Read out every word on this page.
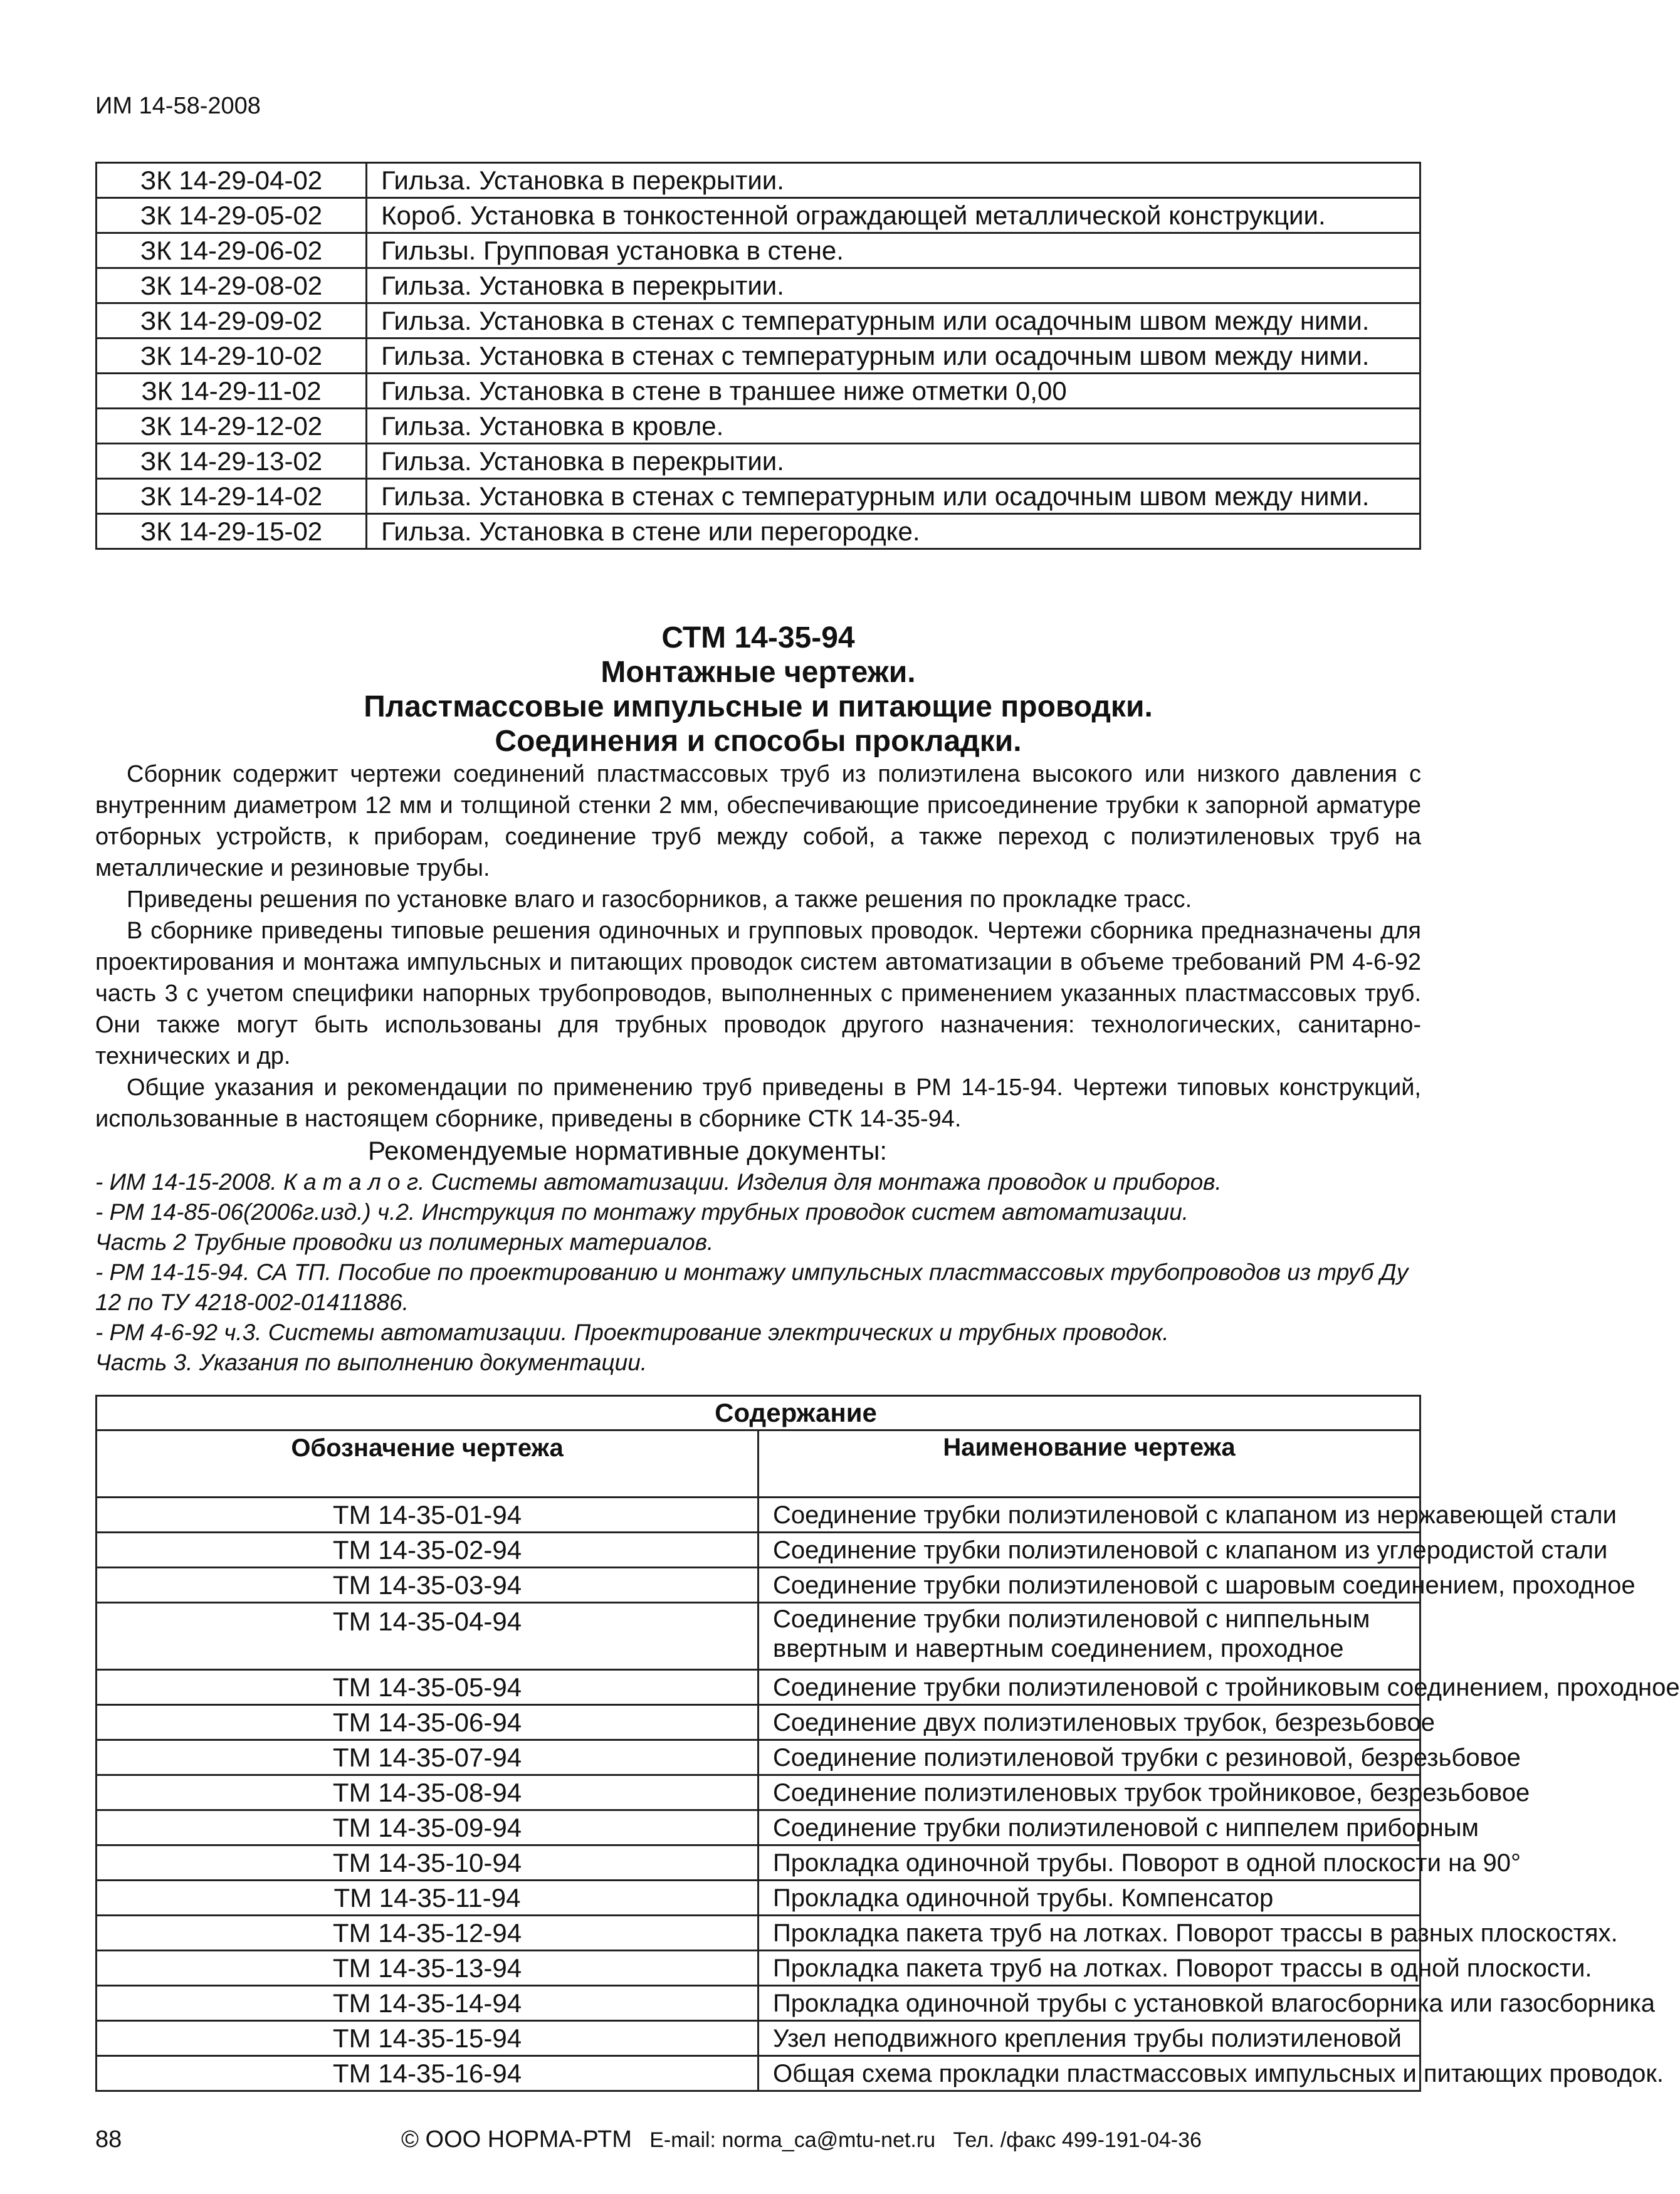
ИМ 14-58-2008
ЗК 14-29-04-02	Гильза. Установка в перекрытии.
ЗК 14-29-05-02	Короб. Установка в тонкостенной ограждающей металлической конструкции.
ЗК 14-29-06-02	Гильзы. Групповая установка в стене.
ЗК 14-29-08-02	Гильза. Установка в перекрытии.
ЗК 14-29-09-02	Гильза. Установка в стенах с температурным или осадочным швом между ними.
ЗК 14-29-10-02	Гильза. Установка в стенах с температурным или осадочным швом между ними.
ЗК 14-29-11-02	Гильза. Установка в стене в траншее ниже отметки 0,00
ЗК 14-29-12-02	Гильза. Установка в кровле.
ЗК 14-29-13-02	Гильза. Установка в перекрытии.
ЗК 14-29-14-02	Гильза. Установка в стенах с температурным или осадочным швом между ними.
ЗК 14-29-15-02	Гильза. Установка в стене или перегородке.
СТМ 14-35-94
Монтажные чертежи.
Пластмассовые импульсные и питающие проводки.
Соединения и способы прокладки.
Сборник содержит чертежи соединений пластмассовых труб из полиэтилена высокого или низкого давления с внутренним диаметром 12 мм и толщиной стенки 2 мм, обеспечивающие присоединение трубки к запорной арматуре отборных устройств, к приборам, соединение труб между собой, а также переход с полиэтиленовых труб на металлические и резиновые трубы.
Приведены решения по установке влаго и газосборников, а также решения по прокладке трасс.
В сборнике приведены типовые решения одиночных и групповых проводок. Чертежи сборника предназначены для проектирования и монтажа импульсных и питающих проводок систем автоматизации в объеме требований РМ 4-6-92 часть 3 с учетом специфики напорных трубопроводов, выполненных с применением указанных пластмассовых труб. Они также могут быть использованы для трубных проводок другого назначения: технологических, санитарно-технических и др.
Общие указания и рекомендации по применению труб приведены в РМ 14-15-94. Чертежи типовых конструкций, использованные в настоящем сборнике, приведены в сборнике СТК 14-35-94.
Рекомендуемые нормативные документы:
- ИМ 14-15-2008. К а т а л о г. Системы автоматизации. Изделия для монтажа проводок и приборов.
- РМ 14-85-06(2006г.изд.) ч.2. Инструкция по монтажу трубных проводок систем автоматизации.
Часть 2 Трубные проводки из полимерных материалов.
- РМ 14-15-94. СА ТП. Пособие по проектированию и монтажу импульсных пластмассовых трубопроводов из труб Ду 12 по ТУ 4218-002-01411886.
- РМ 4-6-92 ч.3. Системы автоматизации. Проектирование электрических и трубных проводок.
Часть 3. Указания по выполнению документации.
Содержание	
Обозначение чертежа	Наименование чертежа
ТМ 14-35-01-94	Соединение трубки полиэтиленовой с клапаном из нержавеющей стали
ТМ 14-35-02-94	Соединение трубки полиэтиленовой с клапаном из углеродистой стали
ТМ 14-35-03-94	Соединение трубки полиэтиленовой с шаровым соединением, проходное
ТМ 14-35-04-94	Соединение трубки полиэтиленовой с ниппельным ввертным и навертным соединением, проходное
ТМ 14-35-05-94	Соединение трубки полиэтиленовой с тройниковым соединением, проходное
ТМ 14-35-06-94	Соединение двух полиэтиленовых трубок, безрезьбовое
ТМ 14-35-07-94	Соединение полиэтиленовой трубки с резиновой, безрезьбовое
ТМ 14-35-08-94	Соединение полиэтиленовых трубок тройниковое, безрезьбовое
ТМ 14-35-09-94	Соединение трубки полиэтиленовой с ниппелем приборным
ТМ 14-35-10-94	Прокладка одиночной трубы. Поворот в одной плоскости на 90°
ТМ 14-35-11-94	Прокладка одиночной трубы. Компенсатор
ТМ 14-35-12-94	Прокладка пакета труб на лотках. Поворот трассы в разных плоскостях.
ТМ 14-35-13-94	Прокладка пакета труб на лотках. Поворот трассы в одной плоскости.
ТМ 14-35-14-94	Прокладка одиночной трубы с установкой влагосборника или газосборника
ТМ 14-35-15-94	Узел неподвижного крепления трубы полиэтиленовой
ТМ 14-35-16-94	Общая схема прокладки пластмассовых импульсных и питающих проводок.
88	© ООО НОРМА-РТМ E-mail: norma_ca@mtu-net.ru Тел. /факс 499-191-04-36
